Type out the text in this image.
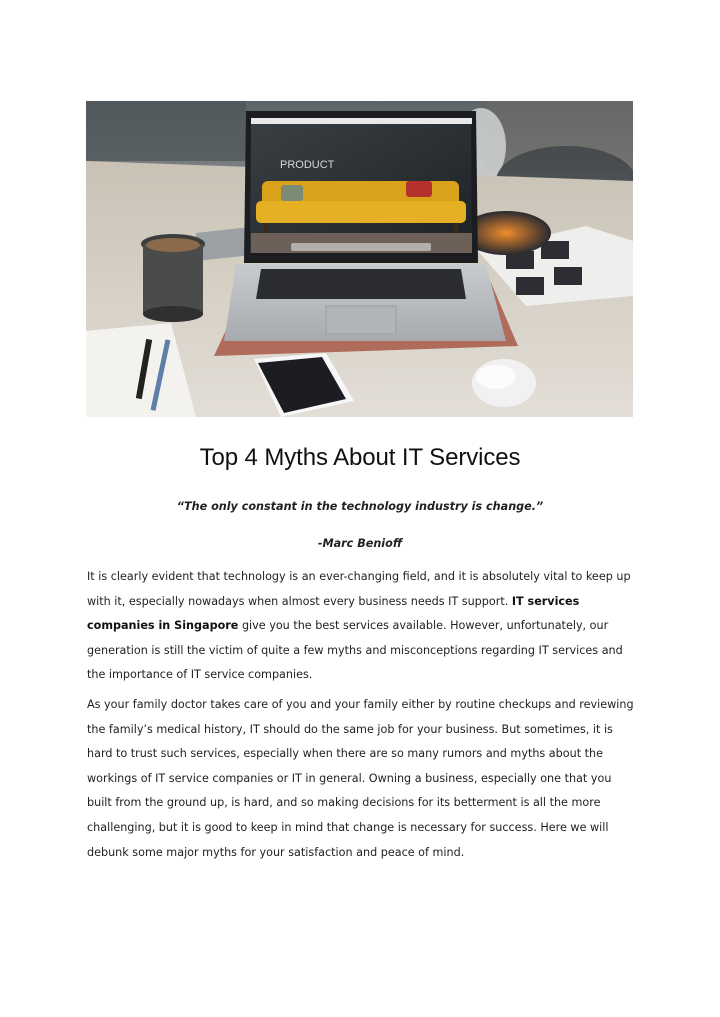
PRODUCT
Top 4 Myths About IT Services
“The only constant in the technology industry is change.”
-Marc Benioff

It is clearly evident that technology is an ever-changing field, and it is absolutely vital to keep up with it, especially nowadays when almost every business needs IT support. IT services companies in Singapore give you the best services available. However, unfortunately, our generation is still the victim of quite a few myths and misconceptions regarding IT services and the importance of IT service companies.

As your family doctor takes care of you and your family either by routine checkups and reviewing the family’s medical history, IT should do the same job for your business. But sometimes, it is hard to trust such services, especially when there are so many rumors and myths about the workings of IT service companies or IT in general. Owning a business, especially one that you built from the ground up, is hard, and so making decisions for its betterment is all the more challenging, but it is good to keep in mind that change is necessary for success. Here we will debunk some major myths for your satisfaction and peace of mind.
